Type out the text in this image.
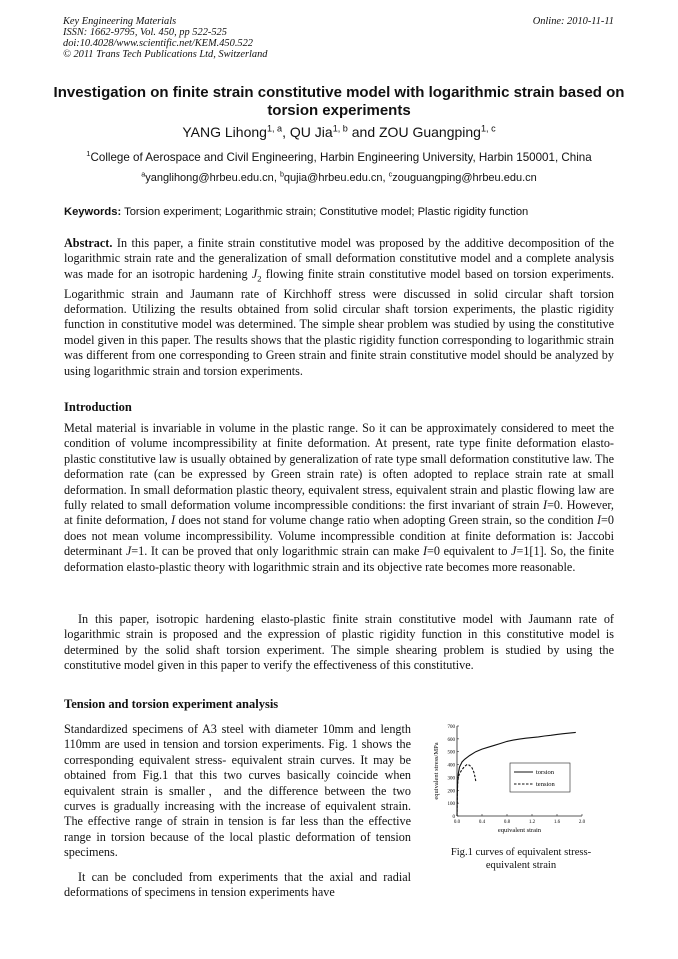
Key Engineering Materials
ISSN: 1662-9795, Vol. 450, pp 522-525
doi:10.4028/www.scientific.net/KEM.450.522
© 2011 Trans Tech Publications Ltd, Switzerland
Online: 2010-11-11
Investigation on finite strain constitutive model with logarithmic strain based on torsion experiments
YANG Lihong$^{1, a}$, QU Jia$^{1, b}$ and ZOU Guangping$^{1, c}$
$^1$College of Aerospace and Civil Engineering, Harbin Engineering University, Harbin 150001, China
$^a$yanglihong@hrbeu.edu.cn, $^b$qujia@hrbeu.edu.cn, $^c$zouguangping@hrbeu.edu.cn
Keywords: Torsion experiment; Logarithmic strain; Constitutive model; Plastic rigidity function

Abstract. In this paper, a finite strain constitutive model was proposed by the additive decomposition of the logarithmic strain rate and the generalization of small deformation constitutive model and a complete analysis was made for an isotropic hardening $J_2$ flowing finite strain constitutive model based on torsion experiments. Logarithmic strain and Jaumann rate of Kirchhoff stress were discussed in solid circular shaft torsion deformation. Utilizing the results obtained from solid circular shaft torsion experiments, the plastic rigidity function in constitutive model was determined. The simple shear problem was studied by using the constitutive model given in this paper. The results shows that the plastic rigidity function corresponding to logarithmic strain was different from one corresponding to Green strain and finite strain constitutive model should be analyzed by using logarithmic strain and torsion experiments.

Introduction

Metal material is invariable in volume in the plastic range. So it can be approximately considered to meet the condition of volume incompressibility at finite deformation. At present, rate type finite deformation elasto-plastic constitutive law is usually obtained by generalization of rate type small deformation constitutive law. The deformation rate (can be expressed by Green strain rate) is often adopted to replace strain rate at small deformation. In small deformation plastic theory, equivalent stress, equivalent strain and plastic flowing law are fully related to small deformation volume incompressible conditions: the first invariant of strain I=0. However, at finite deformation, I does not stand for volume change ratio when adopting Green strain, so the condition I=0 does not mean volume incompressibility. Volume incompressible condition at finite deformation is: Jaccobi determinant J=1. It can be proved that only logarithmic strain can make I=0 equivalent to J=1[1]. So, the finite deformation elasto-plastic theory with logarithmic strain and its objective rate becomes more reasonable.

In this paper, isotropic hardening elasto-plastic finite strain constitutive model with Jaumann rate of logarithmic strain is proposed and the expression of plastic rigidity function in this constitutive model is determined by the solid shaft torsion experiment. The simple shearing problem is studied by using the constitutive model given in this paper to verify the effectiveness of this constitutive.

Tension and torsion experiment analysis

Standardized specimens of A3 steel with diameter 10mm and length 110mm are used in tension and torsion experiments. Fig. 1 shows the corresponding equivalent stress- equivalent strain curves. It may be obtained from Fig.1 that this two curves basically coincide when equivalent strain is smaller，and the difference between the two curves is gradually increasing with the increase of equivalent strain. The effective range of strain in tension is far less than the effective range in torsion because of the local plastic deformation of tension specimens.

It can be concluded from experiments that the axial and radial deformations of specimens in tension experiments have

0
100
200
300
400
500
600
700
0.0	0.4	0.8	1.2	1.6	2.0
equivalent strain
equivalent stress/MPa	torsion
tension
Fig.1 curves of equivalent stress-equivalent strain
